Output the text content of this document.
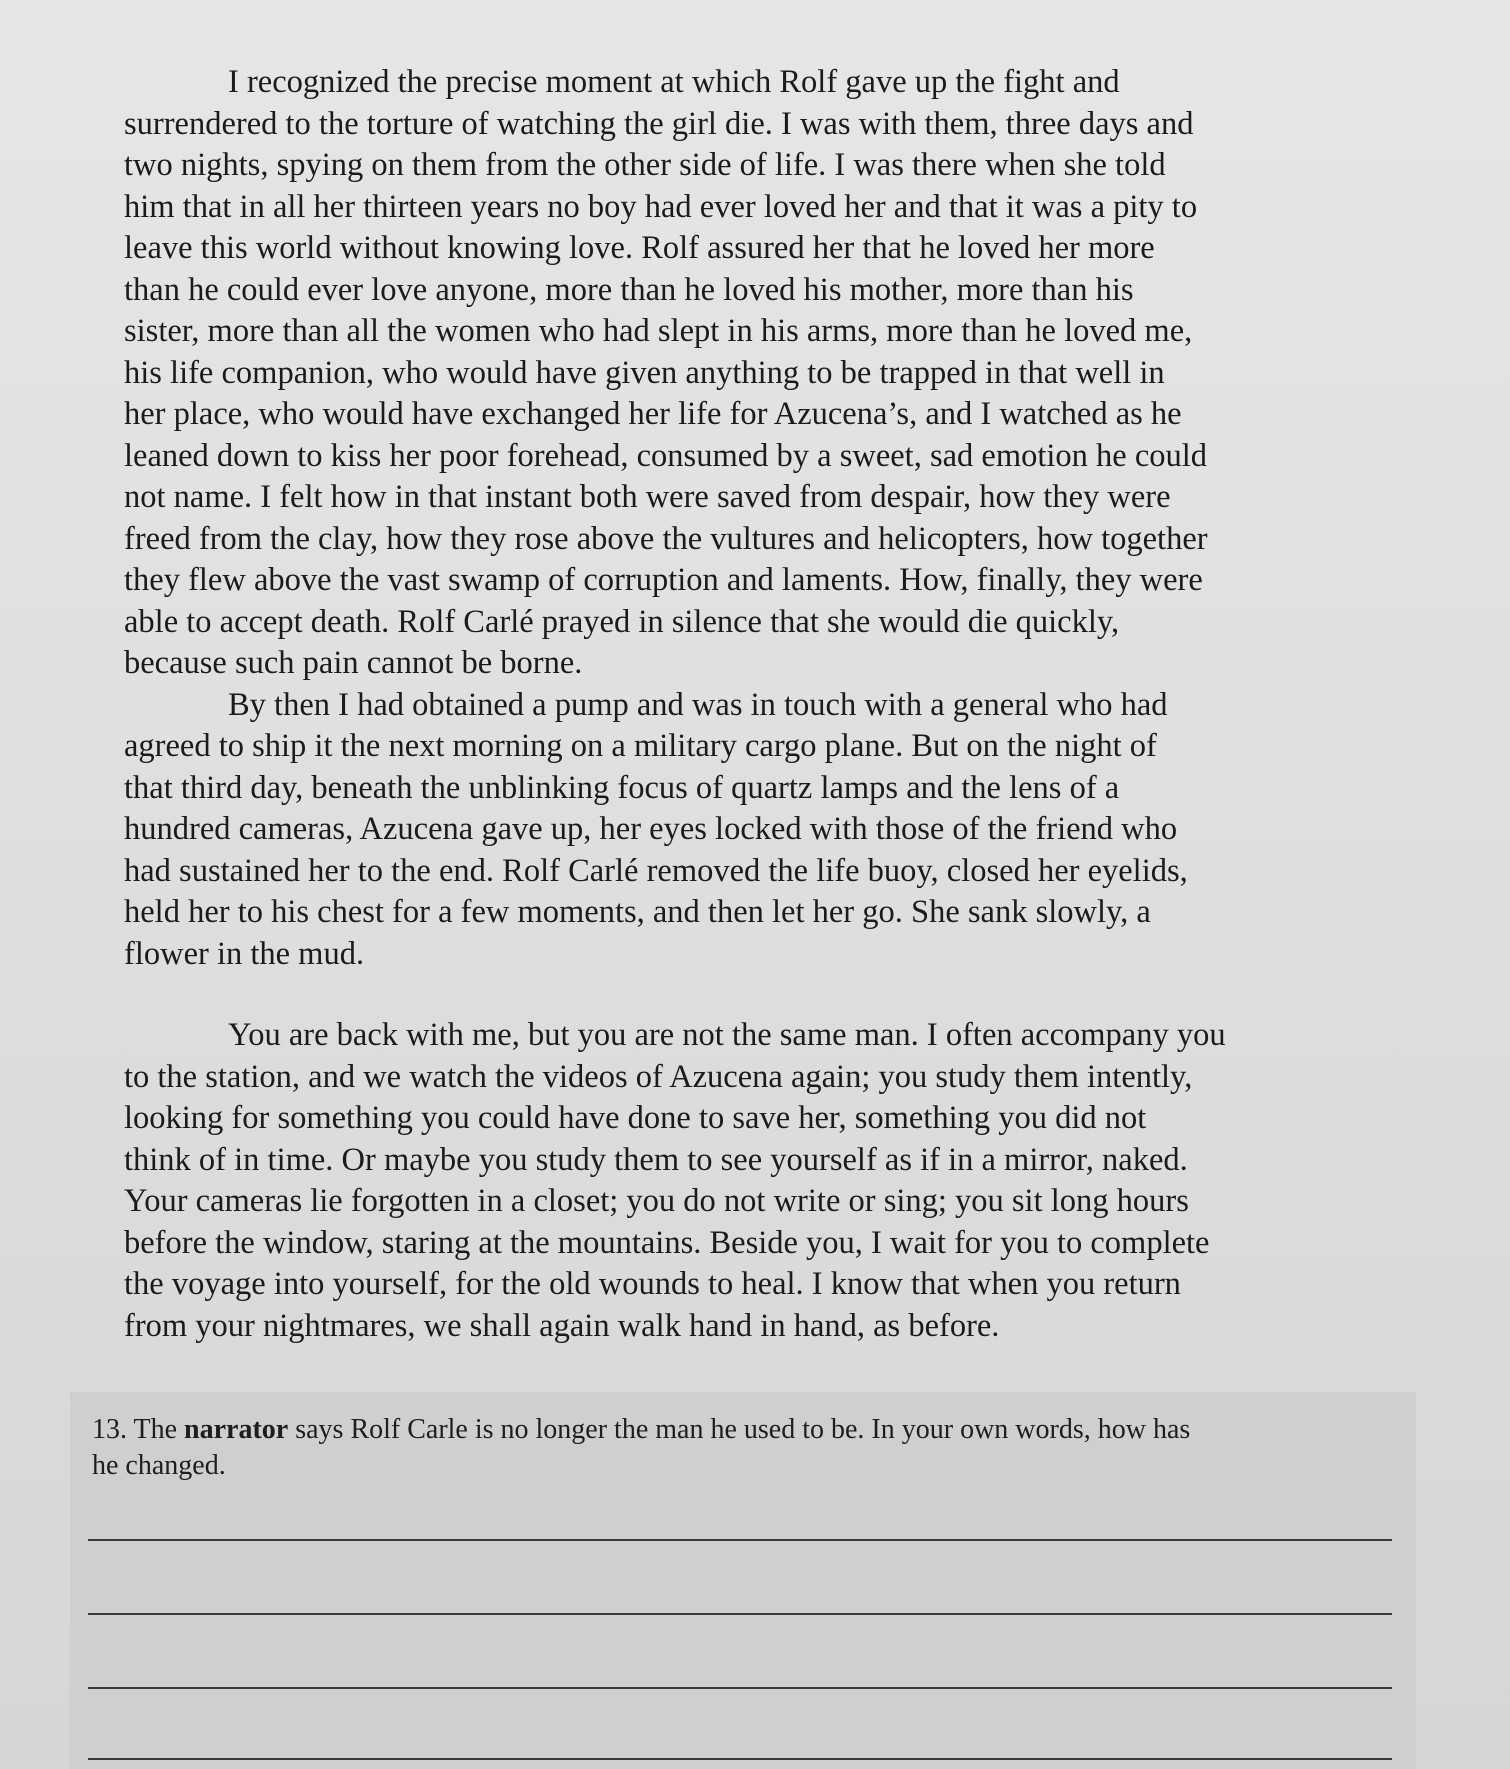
I recognized the precise moment at which Rolf gave up the fight and
surrendered to the torture of watching the girl die. I was with them, three days and
two nights, spying on them from the other side of life. I was there when she told
him that in all her thirteen years no boy had ever loved her and that it was a pity to
leave this world without knowing love. Rolf assured her that he loved her more
than he could ever love anyone, more than he loved his mother, more than his
sister, more than all the women who had slept in his arms, more than he loved me,
his life companion, who would have given anything to be trapped in that well in
her place, who would have exchanged her life for Azucena’s, and I watched as he
leaned down to kiss her poor forehead, consumed by a sweet, sad emotion he could
not name. I felt how in that instant both were saved from despair, how they were
freed from the clay, how they rose above the vultures and helicopters, how together
they flew above the vast swamp of corruption and laments. How, finally, they were
able to accept death. Rolf Carlé prayed in silence that she would die quickly,
because such pain cannot be borne.

By then I had obtained a pump and was in touch with a general who had
agreed to ship it the next morning on a military cargo plane. But on the night of
that third day, beneath the unblinking focus of quartz lamps and the lens of a
hundred cameras, Azucena gave up, her eyes locked with those of the friend who
had sustained her to the end. Rolf Carlé removed the life buoy, closed her eyelids,
held her to his chest for a few moments, and then let her go. She sank slowly, a
flower in the mud.

You are back with me, but you are not the same man. I often accompany you
to the station, and we watch the videos of Azucena again; you study them intently,
looking for something you could have done to save her, something you did not
think of in time. Or maybe you study them to see yourself as if in a mirror, naked.
Your cameras lie forgotten in a closet; you do not write or sing; you sit long hours
before the window, staring at the mountains. Beside you, I wait for you to complete
the voyage into yourself, for the old wounds to heal. I know that when you return
from your nightmares, we shall again walk hand in hand, as before.

13. The narrator says Rolf Carle is no longer the man he used to be. In your own words, how has
he changed.
